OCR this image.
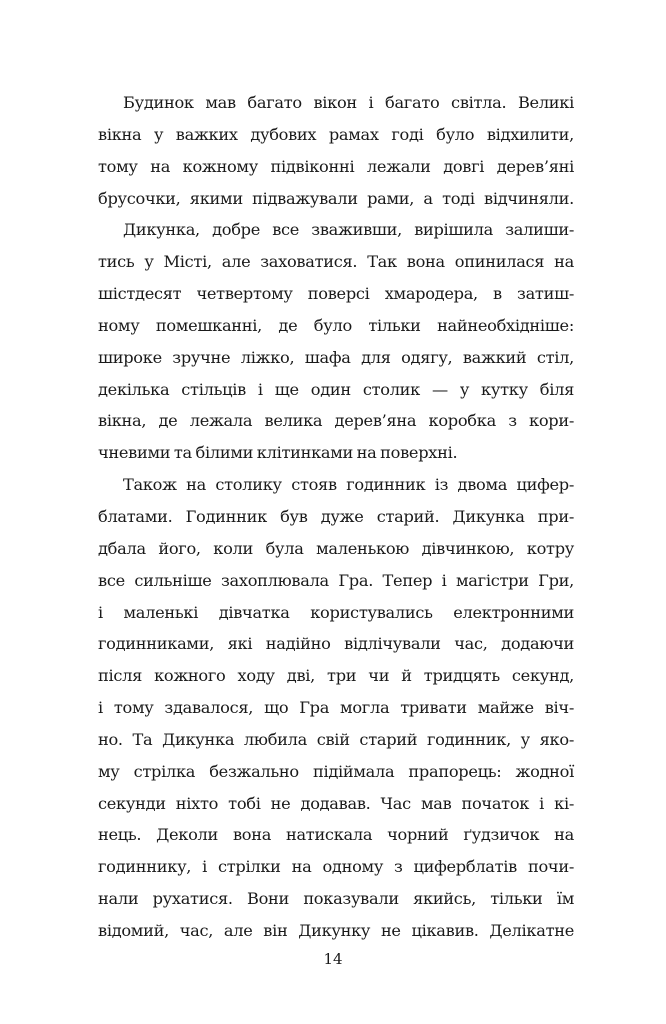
Будинок мав багато вікон і багато світла. Великі
вікна у важких дубових рамах годі було відхилити,
тому на кожному підвіконні лежали довгі дерев’яні
брусочки, якими підважували рами, а тоді відчиняли.
Дикунка, добре все зваживши, вирішила залиши-
тись у Місті, але заховатися. Так вона опинилася на
шістдесят четвертому поверсі хмародера, в затиш-
ному помешканні, де було тільки найнеобхідніше:
широке зручне ліжко, шафа для одягу, важкий стіл,
декілька стільців і ще один столик — у кутку біля
вікна, де лежала велика дерев’яна коробка з кори-
чневими та білими клітинками на поверхні.
Також на столику стояв годинник із двома цифер-
блатами. Годинник був дуже старий. Дикунка при-
дбала його, коли була маленькою дівчинкою, котру
все сильніше захоплювала Гра. Тепер і магістри Гри,
і маленькі дівчатка користувались електронними
годинниками, які надійно відлічували час, додаючи
після кожного ходу дві, три чи й тридцять секунд,
і тому здавалося, що Гра могла тривати майже віч-
но. Та Дикунка любила свій старий годинник, у яко-
му стрілка безжально підіймала прапорець: жодної
секунди ніхто тобі не додавав. Час мав початок і кі-
нець. Деколи вона натискала чорний ґудзичок на
годиннику, і стрілки на одному з циферблатів почи-
нали рухатися. Вони показували якийсь, тільки їм
відомий, час, але він Дикунку не цікавив. Делікатне
14
